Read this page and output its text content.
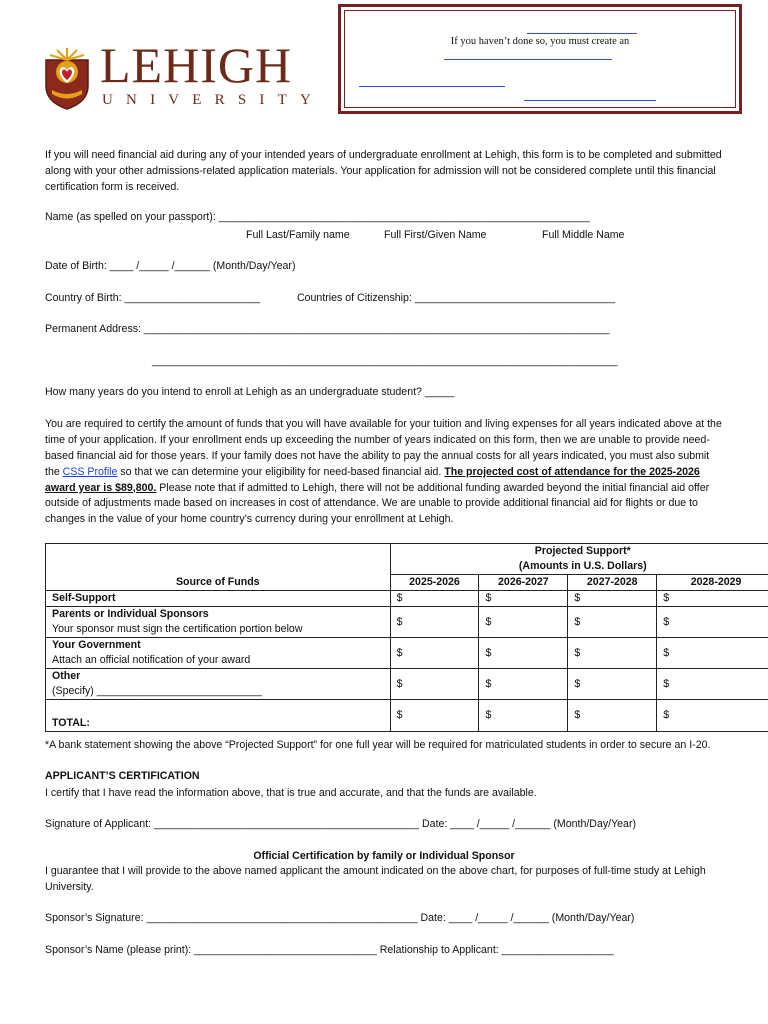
LEHIGH
UNIVERSITY
If you haven’t done so, you must create an

If you will need financial aid during any of your intended years of undergraduate enrollment at Lehigh, this form is to be completed and submitted along with your other admissions-related application materials. Your application for admission will not be considered complete until this financial certification form is received.

Name (as spelled on your passport): _______________________________________________________________

Full Last/Family name	Full First/Given Name	Full Middle Name

Date of Birth: ____ /_____ /______ (Month/Day/Year)

Country of Birth: _______________________	Countries of Citizenship: __________________________________

Permanent Address: _______________________________________________________________________________

_______________________________________________________________________________

How many years do you intend to enroll at Lehigh as an undergraduate student? _____

You are required to certify the amount of funds that you will have available for your tuition and living expenses for all years indicated above at the time of your application. If your enrollment ends up exceeding the number of years indicated on this form, then we are unable to provide need-based financial aid for those years. If your family does not have the ability to pay the annual costs for all years indicated, you must also submit the CSS Profile so that we can determine your eligibility for need-based financial aid. The projected cost of attendance for the 2025-2026 award year is $89,800. Please note that if admitted to Lehigh, there will not be additional funding awarded beyond the initial financial aid offer outside of adjustments made based on increases in cost of attendance. We are unable to provide additional financial aid for flights or due to changes in the value of your home country’s currency during your enrollment at Lehigh.

Source of Funds	Projected Support*
(Amounts in U.S. Dollars)			

	2025-2026	2026-2027	2027-2028	2028-2029
Self-Support	$	$	$	$

Parents or Individual Sponsors
Your sponsor must sign the certification portion below	$	$	$	$

Your Government
Attach an official notification of your award	$	$	$	$

Other
(Specify) ____________________________	$	$	$	$
TOTAL:	$	$	$	$

*A bank statement showing the above “Projected Support” for one full year will be required for matriculated students in order to secure an I-20.

APPLICANT’S CERTIFICATION

I certify that I have read the information above, that is true and accurate, and that the funds are available.

Signature of Applicant: _____________________________________________ Date: ____ /_____ /______ (Month/Day/Year)

Official Certification by family or Individual Sponsor

I guarantee that I will provide to the above named applicant the amount indicated on the above chart, for purposes of full-time study at Lehigh University.

Sponsor’s Signature: ______________________________________________ Date: ____ /_____ /______ (Month/Day/Year)

Sponsor’s Name (please print): _______________________________ Relationship to Applicant: ___________________
